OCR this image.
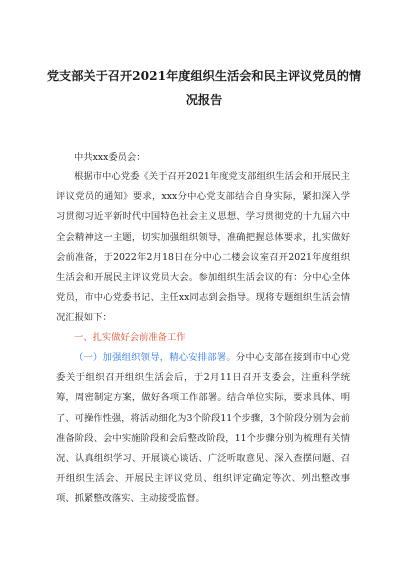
党支部关于召开2021年度组织生活会和民主评议党员的情
况报告
中共xxx委员会：
根据市中心党委《关于召开2021年度党支部组织生活会和开展民主评议党员的通知》要求，xxx分中心党支部结合自身实际，紧扣深入学习贯彻习近平新时代中国特色社会主义思想、学习贯彻党的十九届六中全会精神这一主题，切实加强组织领导，准确把握总体要求，扎实做好会前准备，于2022年2月18日在分中心二楼会议室召开2021年度组织生活会和开展民主评议党员大会。参加组织生活会议的有：分中心全体党员，市中心党委书记、主任xx同志到会指导。现将专题组织生活会情况汇报如下：
一、扎实做好会前准备工作
（一）加强组织领导，精心安排部署。分中心支部在接到市中心党委关于组织召开组织生活会后，于2月11日召开支委会，注重科学统筹，周密制定方案，做好各项工作部署。结合单位实际，要求具体、明了、可操作性强，将活动细化为3个阶段11个步骤，3个阶段分别为会前准备阶段、会中实施阶段和会后整改阶段，11个步骤分别为梳理有关情况、认真组织学习、开展谈心谈话、广泛听取意见、深入查摆问题、召开组织生活会、开展民主评议党员、组织评定确定等次、列出整改事项、抓紧整改落实、主动接受监督。
